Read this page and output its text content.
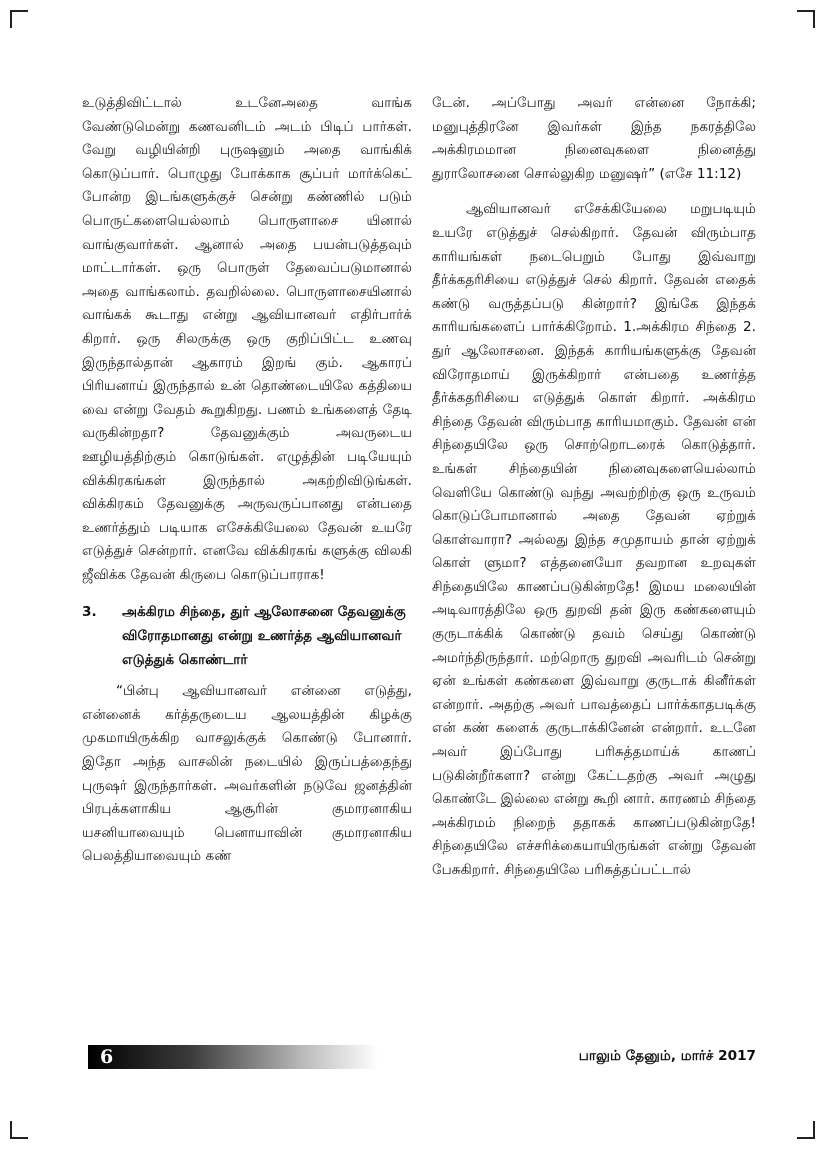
உடுத்திவிட்டால் உடனேஅதை வாங்க வேண்டுமென்று கணவனிடம் அடம் பிடிப் பார்கள். வேறு வழியின்றி புருஷனும் அதை வாங்கிக் கொடுப்பார். பொழுது போக்காக சூப்பர் மார்க்கெட் போன்ற இடங்களுக்குச் சென்று கண்ணில் படும் பொருட்களையெல்லாம் பொருளாசை யினால் வாங்குவார்கள். ஆனால் அதை பயன்படுத்தவும் மாட்டார்கள். ஒரு பொருள் தேவைப்படுமானால் அதை வாங்கலாம். தவறில்லை. பொருளாசையினால் வாங்கக் கூடாது என்று ஆவியானவர் எதிர்பார்க் கிறார். ஒரு சிலருக்கு ஒரு குறிப்பிட்ட உணவு இருந்தால்தான் ஆகாரம் இறங் கும். ஆகாரப் பிரியனாய் இருந்தால் உன் தொண்டையிலே கத்தியை வை என்று வேதம் கூறுகிறது. பணம் உங்களைத் தேடி வருகின்றதா? தேவனுக்கும் அவருடைய ஊழியத்திற்கும் கொடுங்கள். எழுத்தின் படியேயும் விக்கிரகங்கள் இருந்தால் அகற்றிவிடுங்கள். விக்கிரகம் தேவனுக்கு அருவருப்பானது என்பதை உணர்த்தும் படியாக எசேக்கியேலை தேவன் உயரே எடுத்துச் சென்றார். எனவே விக்கிரகங் களுக்கு விலகி ஜீவிக்க தேவன் கிருபை கொடுப்பாராக!

3.	அக்கிரம சிந்தை, துர் ஆலோசனை தேவனுக்கு விரோதமானது என்று உணர்த்த ஆவியானவர் எடுத்துக் கொண்டார்

“பின்பு ஆவியானவர் என்னை எடுத்து, என்னைக் கர்த்தருடைய ஆலயத்தின் கிழக்கு முகமாயிருக்கிற வாசலுக்குக் கொண்டு போனார். இதோ அந்த வாசலின் நடையில் இருப்பத்தைந்து புருஷர் இருந்தார்கள். அவர்களின் நடுவே ஜனத்தின் பிரபுக்களாகிய ஆசூரின் குமாரனாகிய யசனியாவையும் பெனாயாவின் குமாரனாகிய பெலத்தியாவையும் கண்

டேன். அப்போது அவர் என்னை நோக்கி; மனுபுத்திரனே இவர்கள் இந்த நகரத்திலே அக்கிரமமான நினைவுகளை நினைத்து துராலோசனை சொல்லுகிற மனுஷர்” (எசே 11:12)

ஆவியானவர் எசேக்கியேலை மறுபடியும் உயரே எடுத்துச் செல்கிறார். தேவன் விரும்பாத காரியங்கள் நடைபெறும் போது இவ்வாறு தீர்க்கதரிசியை எடுத்துச் செல் கிறார். தேவன் எதைக் கண்டு வருத்தப்படு கின்றார்? இங்கே இந்தக் காரியங்களைப் பார்க்கிறோம். 1.அக்கிரம சிந்தை 2. துர் ஆலோசனை. இந்தக் காரியங்களுக்கு தேவன் விரோதமாய் இருக்கிறார் என்பதை உணர்த்த தீர்க்கதரிசியை எடுத்துக் கொள் கிறார். அக்கிரம சிந்தை தேவன் விரும்பாத காரியமாகும். தேவன் என் சிந்தையிலே ஒரு சொற்றொடரைக் கொடுத்தார். உங்கள் சிந்தையின் நினைவுகளையெல்லாம் வெளியே கொண்டு வந்து அவற்றிற்கு ஒரு உருவம் கொடுப்போமானால் அதை தேவன் ஏற்றுக் கொள்வாரா? அல்லது இந்த சமுதாயம் தான் ஏற்றுக் கொள் ளுமா? எத்தனையோ தவறான உறவுகள் சிந்தையிலே காணப்படுகின்றதே! இமய மலையின் அடிவாரத்திலே ஒரு துறவி தன் இரு கண்களையும் குருடாக்கிக் கொண்டு தவம் செய்து கொண்டு அமர்ந்திருந்தார். மற்றொரு துறவி அவரிடம் சென்று ஏன் உங்கள் கண்களை இவ்வாறு குருடாக் கினீர்கள் என்றார். அதற்கு அவர் பாவத்தைப் பார்க்காதபடிக்கு என் கண் களைக் குருடாக்கினேன் என்றார். உடனே அவர் இப்போது பரிசுத்தமாய்க் காணப் படுகின்றீர்களா? என்று கேட்டதற்கு அவர் அழுது கொண்டே இல்லை என்று கூறி னார். காரணம் சிந்தை அக்கிரமம் நிறைந் ததாகக் காணப்படுகின்றதே! சிந்தையிலே எச்சரிக்கையாயிருங்கள் என்று தேவன் பேசுகிறார். சிந்தையிலே பரிசுத்தப்பட்டால்

6	பாலும் தேனும், மார்ச் 2017
